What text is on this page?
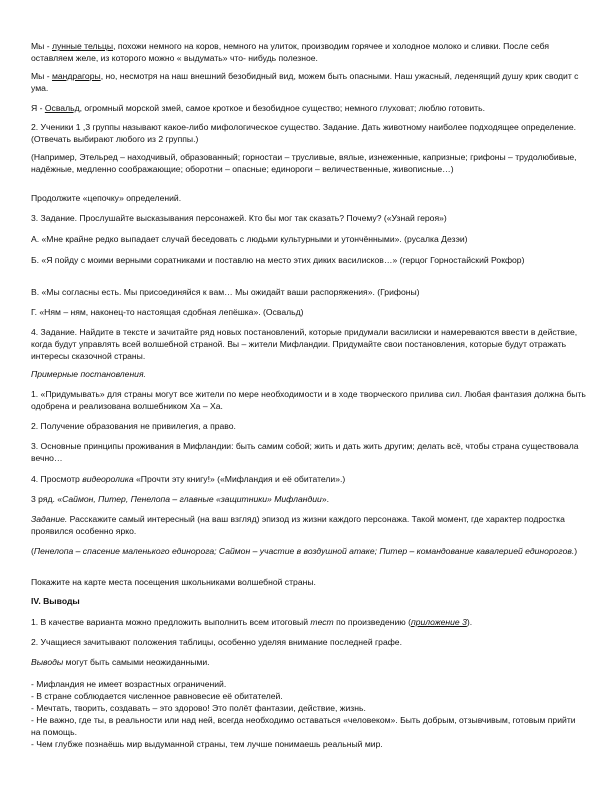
Мы - лунные тельцы, похожи немного на коров, немного на улиток, производим горячее и холодное молоко и сливки. После себя оставляем желе, из которого можно « выдумать» что- нибудь полезное.

Мы - мандрагоры, но, несмотря на наш внешний безобидный вид, можем быть опасными. Наш ужасный, леденящий душу крик сводит с ума.

Я - Освальд, огромный морской змей, самое кроткое и безобидное существо; немного глуховат; люблю готовить.

2. Ученики 1 ,3 группы называют какое-либо мифологическое существо. Задание. Дать животному наиболее подходящее определение. (Отвечать выбирают любого из 2 группы.)

(Например, Этельред – находчивый, образованный; горностаи – трусливые, вялые, изнеженные, капризные; грифоны – трудолюбивые, надёжные, медленно соображающие; оборотни – опасные; единороги – величественные, живописные…)

Продолжите «цепочку» определений.

3. Задание. Прослушайте высказывания персонажей. Кто бы мог так сказать? Почему? («Узнай героя»)

А. «Мне крайне редко выпадает случай беседовать с людьми культурными и утончёнными». (русалка Дезэи)

Б. «Я пойду с моими верными соратниками и поставлю на место этих диких василисков…» (герцог Горностайский Рокфор)

В. «Мы согласны есть. Мы присоединяйся к вам… Мы ожидайт ваши распоряжения». (Грифоны)

Г. «Ням – ням, наконец-то настоящая сдобная лепёшка». (Освальд)

4. Задание. Найдите в тексте и зачитайте ряд новых постановлений, которые придумали василиски и намереваются ввести в действие, когда будут управлять всей волшебной страной. Вы – жители Мифландии. Придумайте свои постановления, которые будут отражать интересы сказочной страны.

Примерные постановления.

1. «Придумывать» для страны могут все жители по мере необходимости и в ходе творческого прилива сил. Любая фантазия должна быть одобрена и реализована волшебником Ха – Ха.

2. Получение образования не привилегия, а право.

3. Основные принципы проживания в Мифландии: быть самим собой; жить и дать жить другим; делать всё, чтобы страна существовала вечно…

4. Просмотр видеоролика «Прочти эту книгу!» («Мифландия и её обитатели».)

3 ряд. «Саймон, Питер, Пенелопа – главные «защитники» Мифландии».

Задание. Расскажите самый интересный (на ваш взгляд) эпизод из жизни каждого персонажа. Такой момент, где характер подростка проявился особенно ярко.

(Пенелопа – спасение маленького единорога; Саймон – участие в воздушной атаке; Питер – командование кавалерией единорогов.)

Покажите на карте места посещения школьниками волшебной страны.

IV. Выводы

1. В качестве варианта можно предложить выполнить всем итоговый тест по произведению (приложение 3).

2. Учащиеся зачитывают положения таблицы, особенно уделяя внимание последней графе.

Выводы могут быть самыми неожиданными.

- Мифландия не имеет возрастных ограничений.
- В стране соблюдается численное равновесие её обитателей.
- Мечтать, творить, создавать – это здорово! Это полёт фантазии, действие, жизнь.
- Не важно, где ты, в реальности или над ней, всегда необходимо оставаться «человеком». Быть добрым, отзывчивым, готовым прийти на помощь.
- Чем глубже познаёшь мир выдуманной страны, тем лучше понимаешь реальный мир.
